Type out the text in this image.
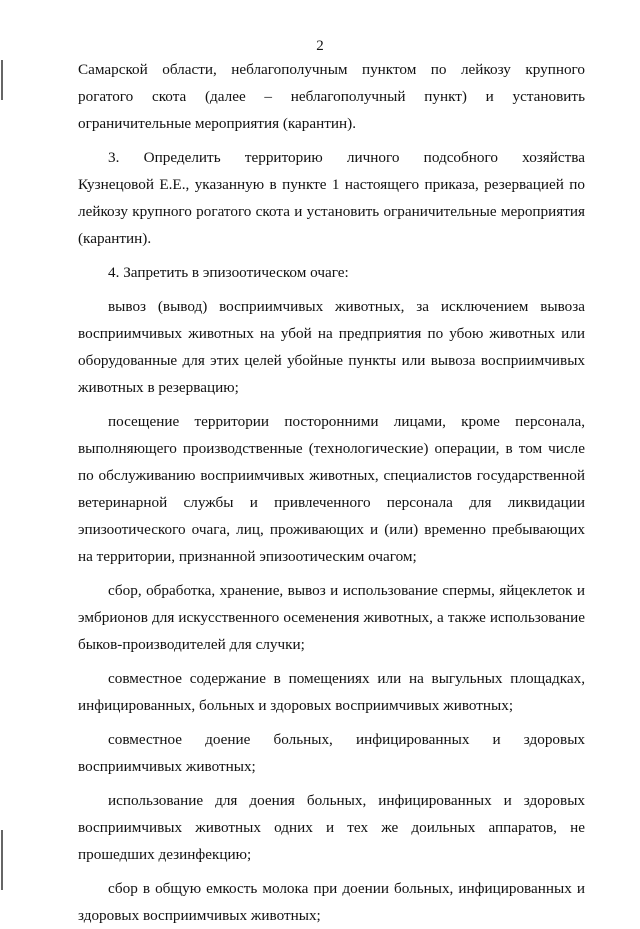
2
Самарской области, неблагополучным пунктом по лейкозу крупного
рогатого скота (далее – неблагополучный пункт) и установить
ограничительные мероприятия (карантин).
3. Определить территорию личного подсобного хозяйства
Кузнецовой Е.Е., указанную в пункте 1 настоящего приказа, резервацией по
лейкозу крупного рогатого скота и установить ограничительные мероприятия
(карантин).
4. Запретить в эпизоотическом очаге:
вывоз (вывод) восприимчивых животных, за исключением вывоза
восприимчивых животных на убой на предприятия по убою животных или
оборудованные для этих целей убойные пункты или вывоза восприимчивых
животных в резервацию;
посещение территории посторонними лицами, кроме персонала,
выполняющего производственные (технологические) операции, в том числе
по обслуживанию восприимчивых животных, специалистов государственной
ветеринарной службы и привлеченного персонала для ликвидации
эпизоотического очага, лиц, проживающих и (или) временно пребывающих
на территории, признанной эпизоотическим очагом;
сбор, обработка, хранение, вывоз и использование спермы, яйцеклеток и
эмбрионов для искусственного осеменения животных, а также использование
быков-производителей для случки;
совместное содержание в помещениях или на выгульных площадках,
инфицированных, больных и здоровых восприимчивых животных;
совместное доение больных, инфицированных и здоровых
восприимчивых животных;
использование для доения больных, инфицированных и здоровых
восприимчивых животных одних и тех же доильных аппаратов, не
прошедших дезинфекцию;
сбор в общую емкость молока при доении больных, инфицированных и
здоровых восприимчивых животных;
